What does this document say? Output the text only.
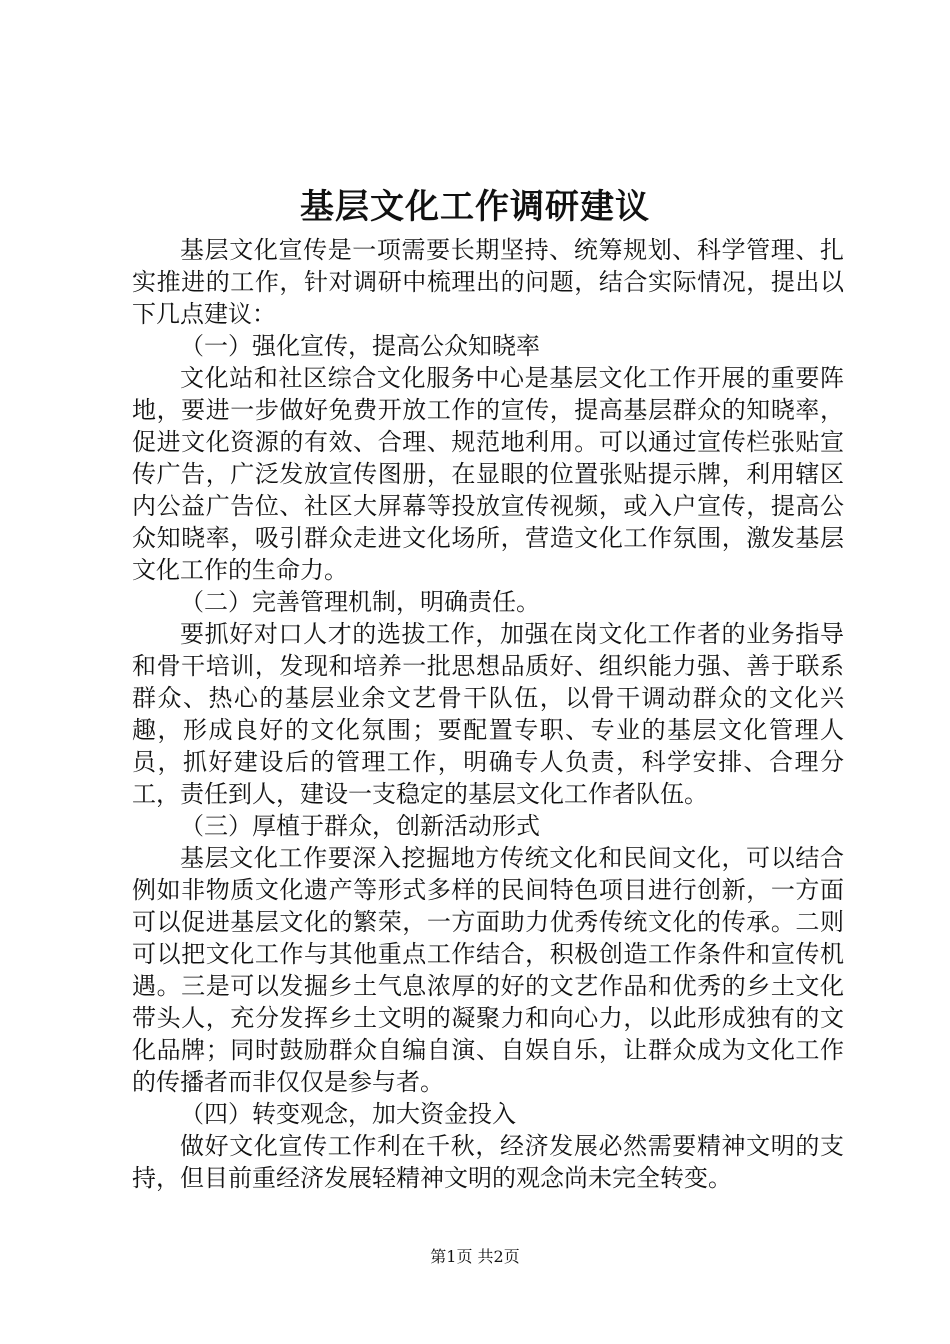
基层文化工作调研建议

基层文化宣传是一项需要长期坚持、统筹规划、科学管理、扎实推进的工作，针对调研中梳理出的问题，结合实际情况，提出以下几点建议：

（一）强化宣传，提高公众知晓率

文化站和社区综合文化服务中心是基层文化工作开展的重要阵地，要进一步做好免费开放工作的宣传，提高基层群众的知晓率，促进文化资源的有效、合理、规范地利用。可以通过宣传栏张贴宣传广告，广泛发放宣传图册，在显眼的位置张贴提示牌，利用辖区内公益广告位、社区大屏幕等投放宣传视频，或入户宣传，提高公众知晓率，吸引群众走进文化场所，营造文化工作氛围，激发基层文化工作的生命力。

（二）完善管理机制，明确责任。

要抓好对口人才的选拔工作，加强在岗文化工作者的业务指导和骨干培训，发现和培养一批思想品质好、组织能力强、善于联系群众、热心的基层业余文艺骨干队伍，以骨干调动群众的文化兴趣，形成良好的文化氛围；要配置专职、专业的基层文化管理人员，抓好建设后的管理工作，明确专人负责，科学安排、合理分工，责任到人，建设一支稳定的基层文化工作者队伍。

（三）厚植于群众，创新活动形式

基层文化工作要深入挖掘地方传统文化和民间文化，可以结合例如非物质文化遗产等形式多样的民间特色项目进行创新，一方面可以促进基层文化的繁荣，一方面助力优秀传统文化的传承。二则可以把文化工作与其他重点工作结合，积极创造工作条件和宣传机遇。三是可以发掘乡土气息浓厚的好的文艺作品和优秀的乡土文化带头人，充分发挥乡土文明的凝聚力和向心力，以此形成独有的文化品牌；同时鼓励群众自编自演、自娱自乐，让群众成为文化工作的传播者而非仅仅是参与者。

（四）转变观念，加大资金投入

做好文化宣传工作利在千秋，经济发展必然需要精神文明的支持，但目前重经济发展轻精神文明的观念尚未完全转变。

第1页 共2页
